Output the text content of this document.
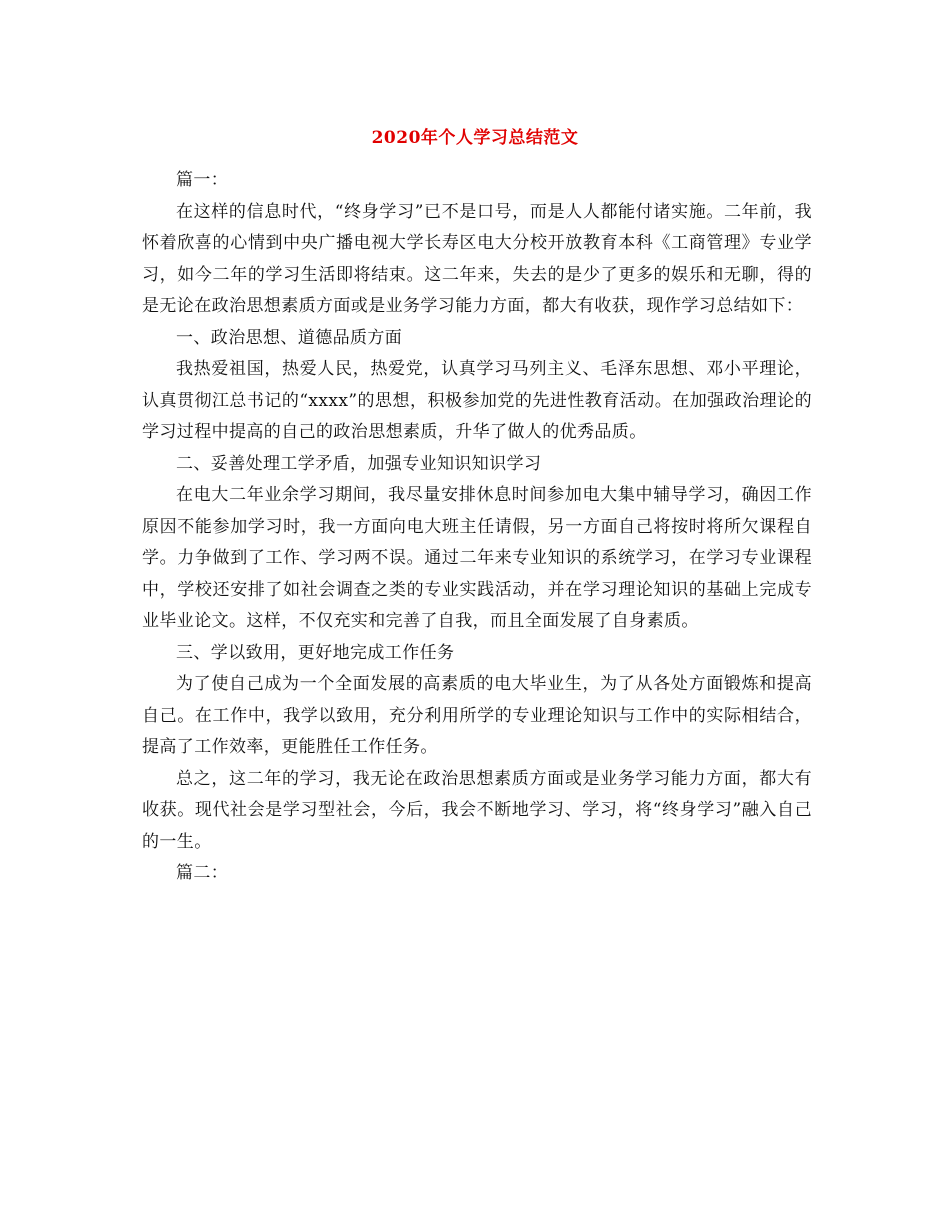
2020年个人学习总结范文

篇一：

在这样的信息时代，“终身学习”已不是口号，而是人人都能付诸实施。二年前，我怀着欣喜的心情到中央广播电视大学长寿区电大分校开放教育本科《工商管理》专业学习，如今二年的学习生活即将结束。这二年来，失去的是少了更多的娱乐和无聊，得的是无论在政治思想素质方面或是业务学习能力方面，都大有收获，现作学习总结如下：

一、政治思想、道德品质方面

我热爱祖国，热爱人民，热爱党，认真学习马列主义、毛泽东思想、邓小平理论，认真贯彻江总书记的“xxxx”的思想，积极参加党的先进性教育活动。在加强政治理论的学习过程中提高的自己的政治思想素质，升华了做人的优秀品质。

二、妥善处理工学矛盾，加强专业知识知识学习

在电大二年业余学习期间，我尽量安排休息时间参加电大集中辅导学习，确因工作原因不能参加学习时，我一方面向电大班主任请假，另一方面自己将按时将所欠课程自学。力争做到了工作、学习两不误。通过二年来专业知识的系统学习，在学习专业课程中，学校还安排了如社会调查之类的专业实践活动，并在学习理论知识的基础上完成专业毕业论文。这样，不仅充实和完善了自我，而且全面发展了自身素质。

三、学以致用，更好地完成工作任务

为了使自己成为一个全面发展的高素质的电大毕业生，为了从各处方面锻炼和提高自己。在工作中，我学以致用，充分利用所学的专业理论知识与工作中的实际相结合，提高了工作效率，更能胜任工作任务。

总之，这二年的学习，我无论在政治思想素质方面或是业务学习能力方面，都大有收获。现代社会是学习型社会，今后，我会不断地学习、学习，将“终身学习”融入自己的一生。

篇二：
